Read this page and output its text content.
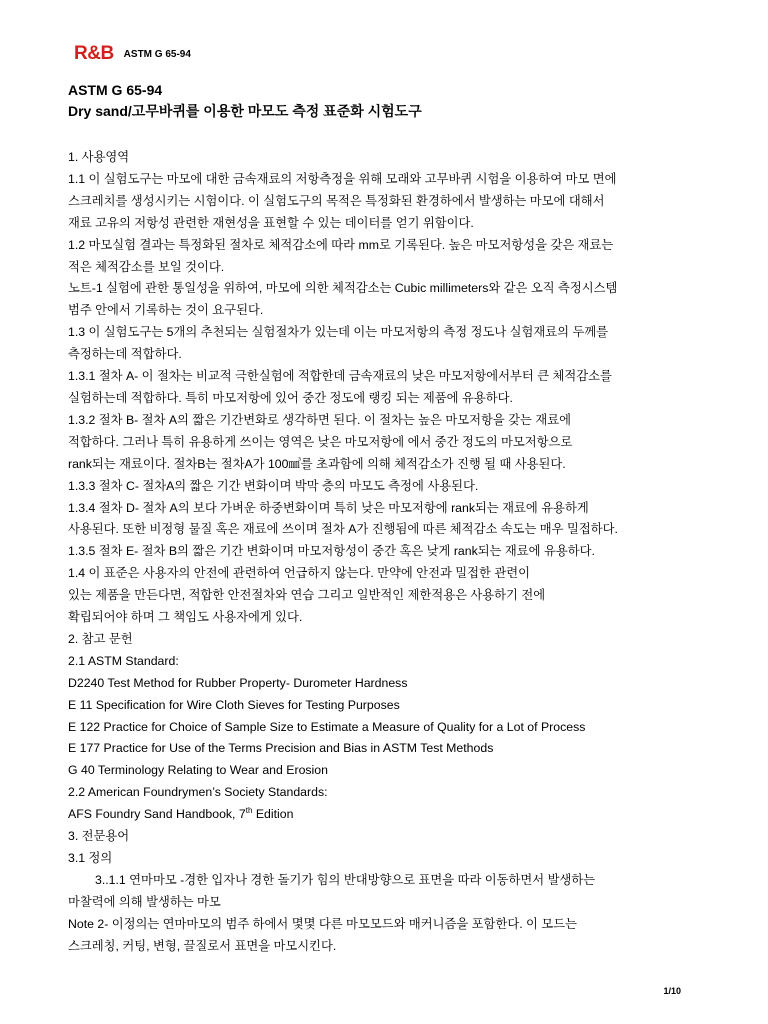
R&B ASTM G 65-94
ASTM G 65-94
Dry sand/고무바퀴를 이용한 마모도 측정 표준화 시험도구
1. 사용영역
1.1 이 실험도구는 마모에 대한 금속재료의 저항측정을 위해 모래와 고무바퀴 시험을 이용하여 마모 면에
스크레치를 생성시키는 시험이다. 이 실험도구의 목적은 특정화된 환경하에서 발생하는 마모에 대해서
재료 고유의 저항성 관련한 재현성을 표현할 수 있는 데이터를 얻기 위함이다.
1.2 마모실험 결과는 특정화된 절차로 체적감소에 따라 mm로 기록된다. 높은 마모저항성을 갖은 재료는
적은 체적감소를 보일 것이다.
노트-1 실험에 관한 통일성을 위하여, 마모에 의한 체적감소는 Cubic millimeters와 같은 오직 측정시스템
범주 안에서 기록하는 것이 요구된다.
1.3 이 실험도구는 5개의 추천되는 실험절차가 있는데 이는 마모저항의 측정 정도나 실험재료의 두께를
측정하는데 적합하다.
1.3.1 절차 A- 이 절차는 비교적 극한실험에 적합한데 금속재료의 낮은 마모저항에서부터 큰 체적감소를
실험하는데 적합하다. 특히 마모저항에 있어 중간 정도에 랭킹 되는 제품에 유용하다.
1.3.2 절차 B- 절차 A의 짧은 기간변화로 생각하면 된다. 이 절차는 높은 마모저항을 갖는 재료에
적합하다. 그러나 특히 유용하게 쓰이는 영역은 낮은 마모저항에 에서 중간 정도의 마모저항으로
rank되는 재료이다. 절차B는 절차A가 100㎣를 초과함에 의해 체적감소가 진행 될 때 사용된다.
1.3.3 절차 C- 절차A의 짧은 기간 변화이며 박막 층의 마모도 측정에 사용된다.
1.3.4 절차 D- 절차 A의 보다 가벼운 하중변화이며 특히 낮은 마모저항에 rank되는 재료에 유용하게
사용된다. 또한 비정형 물질 혹은 재료에 쓰이며 절차 A가 진행됨에 따른 체적감소 속도는 매우 밀접하다.
1.3.5 절차 E- 절차 B의 짧은 기간 변화이며 마모저항성이 중간 혹은 낮게 rank되는 재료에 유용하다.
1.4 이 표준은 사용자의 안전에 관련하여 언급하지 않는다. 만약에 안전과 밀접한 관련이
있는 제품을 만든다면, 적합한 안전절차와 연습 그리고 일반적인 제한적용은 사용하기 전에
확립되어야 하며 그 책임도 사용자에게 있다.
2. 참고 문헌
2.1 ASTM Standard:
D2240 Test Method for Rubber Property- Durometer Hardness
E 11 Specification for Wire Cloth Sieves for Testing Purposes
E 122 Practice for Choice of Sample Size to Estimate a Measure of Quality for a Lot of Process
E 177 Practice for Use of the Terms Precision and Bias in ASTM Test Methods
G 40 Terminology Relating to Wear and Erosion
2.2 American Foundrymen’s Society Standards:
AFS Foundry Sand Handbook, 7th Edition
3. 전문용어
3.1 정의
3..1.1 연마마모 -경한 입자나 경한 돌기가 힘의 반대방향으로 표면을 따라 이동하면서 발생하는
마찰력에 의해 발생하는 마모
Note 2- 이정의는 연마마모의 범주 하에서 몇몇 다른 마모모드와 매커니즘을 포함한다. 이 모드는
스크레칭, 커팅, 변형, 끌질로서 표면을 마모시킨다.
1/10
